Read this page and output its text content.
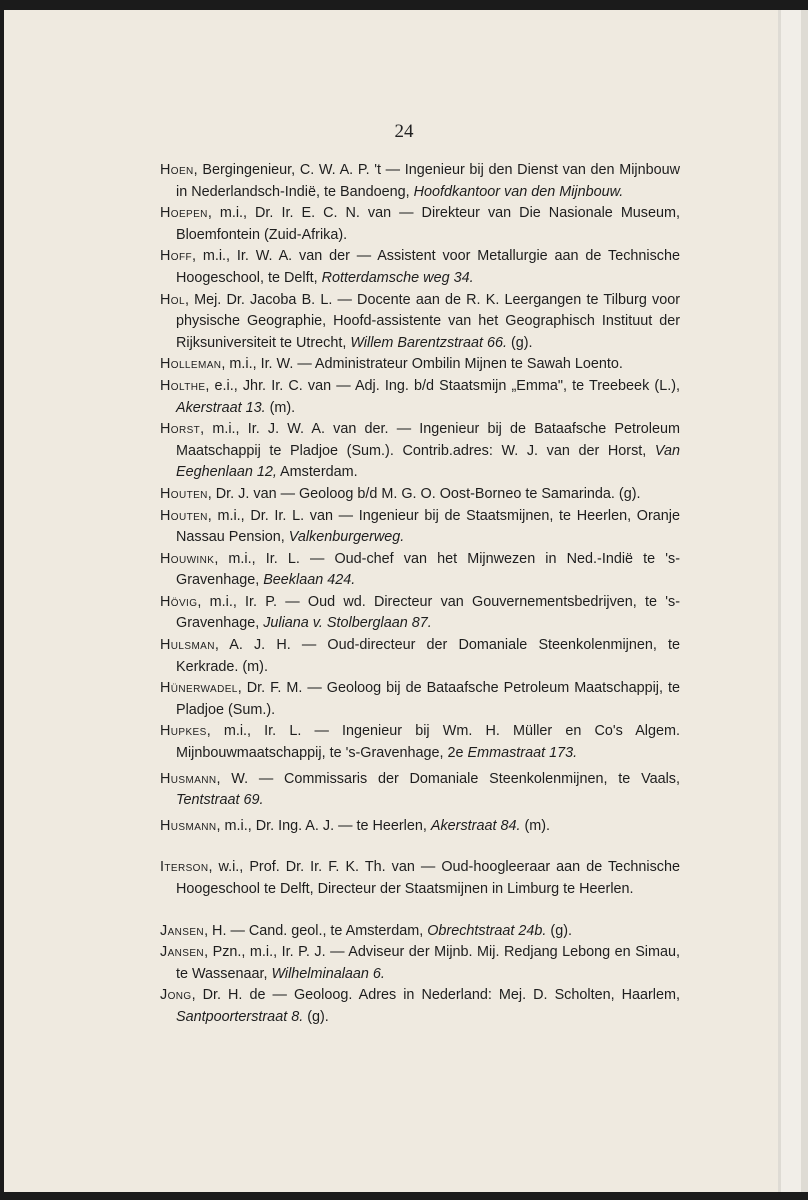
24

Hoen, Bergingenieur, C. W. A. P. 't — Ingenieur bij den Dienst van den Mijnbouw in Nederlandsch-Indië, te Bandoeng, Hoofdkantoor van den Mijnbouw.

Hoepen, m.i., Dr. Ir. E. C. N. van — Direkteur van Die Nasionale Museum, Bloemfontein (Zuid-Afrika).

Hoff, m.i., Ir. W. A. van der — Assistent voor Metallurgie aan de Technische Hoogeschool, te Delft, Rotterdamsche weg 34.

Hol, Mej. Dr. Jacoba B. L. — Docente aan de R. K. Leergangen te Tilburg voor physische Geographie, Hoofd-assistente van het Geographisch Instituut der Rijksuniversiteit te Utrecht, Willem Barentzstraat 66. (g).

Holleman, m.i., Ir. W. — Administrateur Ombilin Mijnen te Sawah Loento.

Holthe, e.i., Jhr. Ir. C. van — Adj. Ing. b/d Staatsmijn „Emma", te Treebeek (L.), Akerstraat 13. (m).

Horst, m.i., Ir. J. W. A. van der. — Ingenieur bij de Bataafsche Petroleum Maatschappij te Pladjoe (Sum.). Contrib.adres: W. J. van der Horst, Van Eeghenlaan 12, Amsterdam.

Houten, Dr. J. van — Geoloog b/d M. G. O. Oost-Borneo te Samarinda. (g).

Houten, m.i., Dr. Ir. L. van — Ingenieur bij de Staatsmijnen, te Heerlen, Oranje Nassau Pension, Valkenburgerweg.

Houwink, m.i., Ir. L. — Oud-chef van het Mijnwezen in Ned.-Indië te 's-Gravenhage, Beeklaan 424.

Hövig, m.i., Ir. P. — Oud wd. Directeur van Gouvernementsbedrijven, te 's-Gravenhage, Juliana v. Stolberglaan 87.

Hulsman, A. J. H. — Oud-directeur der Domaniale Steenkolenmijnen, te Kerkrade. (m).

Hünerwadel, Dr. F. M. — Geoloog bij de Bataafsche Petroleum Maatschappij, te Pladjoe (Sum.).

Hupkes, m.i., Ir. L. — Ingenieur bij Wm. H. Müller en Co's Algem. Mijnbouwmaatschappij, te 's-Gravenhage, 2e Emmastraat 173.

Husmann, W. — Commissaris der Domaniale Steenkolenmijnen, te Vaals, Tentstraat 69.

Husmann, m.i., Dr. Ing. A. J. — te Heerlen, Akerstraat 84. (m).

Iterson, w.i., Prof. Dr. Ir. F. K. Th. van — Oud-hoogleeraar aan de Technische Hoogeschool te Delft, Directeur der Staatsmijnen in Limburg te Heerlen.

Jansen, H. — Cand. geol., te Amsterdam, Obrechtstraat 24b. (g).

Jansen, Pzn., m.i., Ir. P. J. — Adviseur der Mijnb. Mij. Redjang Lebong en Simau, te Wassenaar, Wilhelminalaan 6.

Jong, Dr. H. de — Geoloog. Adres in Nederland: Mej. D. Scholten, Haarlem, Santpoorterstraat 8. (g).
